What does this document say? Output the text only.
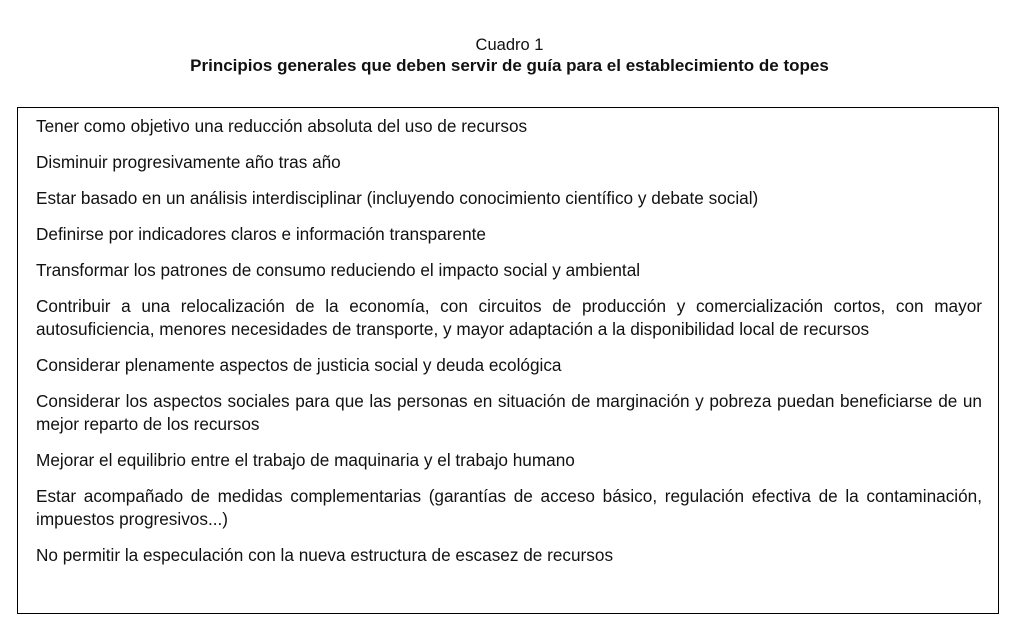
Cuadro 1
Principios generales que deben servir de guía para el establecimiento de topes
Tener como objetivo una reducción absoluta del uso de recursos
Disminuir progresivamente año tras año
Estar basado en un análisis interdisciplinar (incluyendo conocimiento científico y debate social)
Definirse por indicadores claros e información transparente
Transformar los patrones de consumo reduciendo el impacto social y ambiental
Contribuir a una relocalización de la economía, con circuitos de producción y comercialización cortos, con mayor autosuficiencia, menores necesidades de transporte, y mayor adaptación a la disponibilidad local de recursos
Considerar plenamente aspectos de justicia social y deuda ecológica
Considerar los aspectos sociales para que las personas en situación de marginación y pobreza puedan beneficiarse de un mejor reparto de los recursos
Mejorar el equilibrio entre el trabajo de maquinaria y el trabajo humano
Estar acompañado de medidas complementarias (garantías de acceso básico, regulación efectiva de la contaminación, impuestos progresivos...)
No permitir la especulación con la nueva estructura de escasez de recursos
